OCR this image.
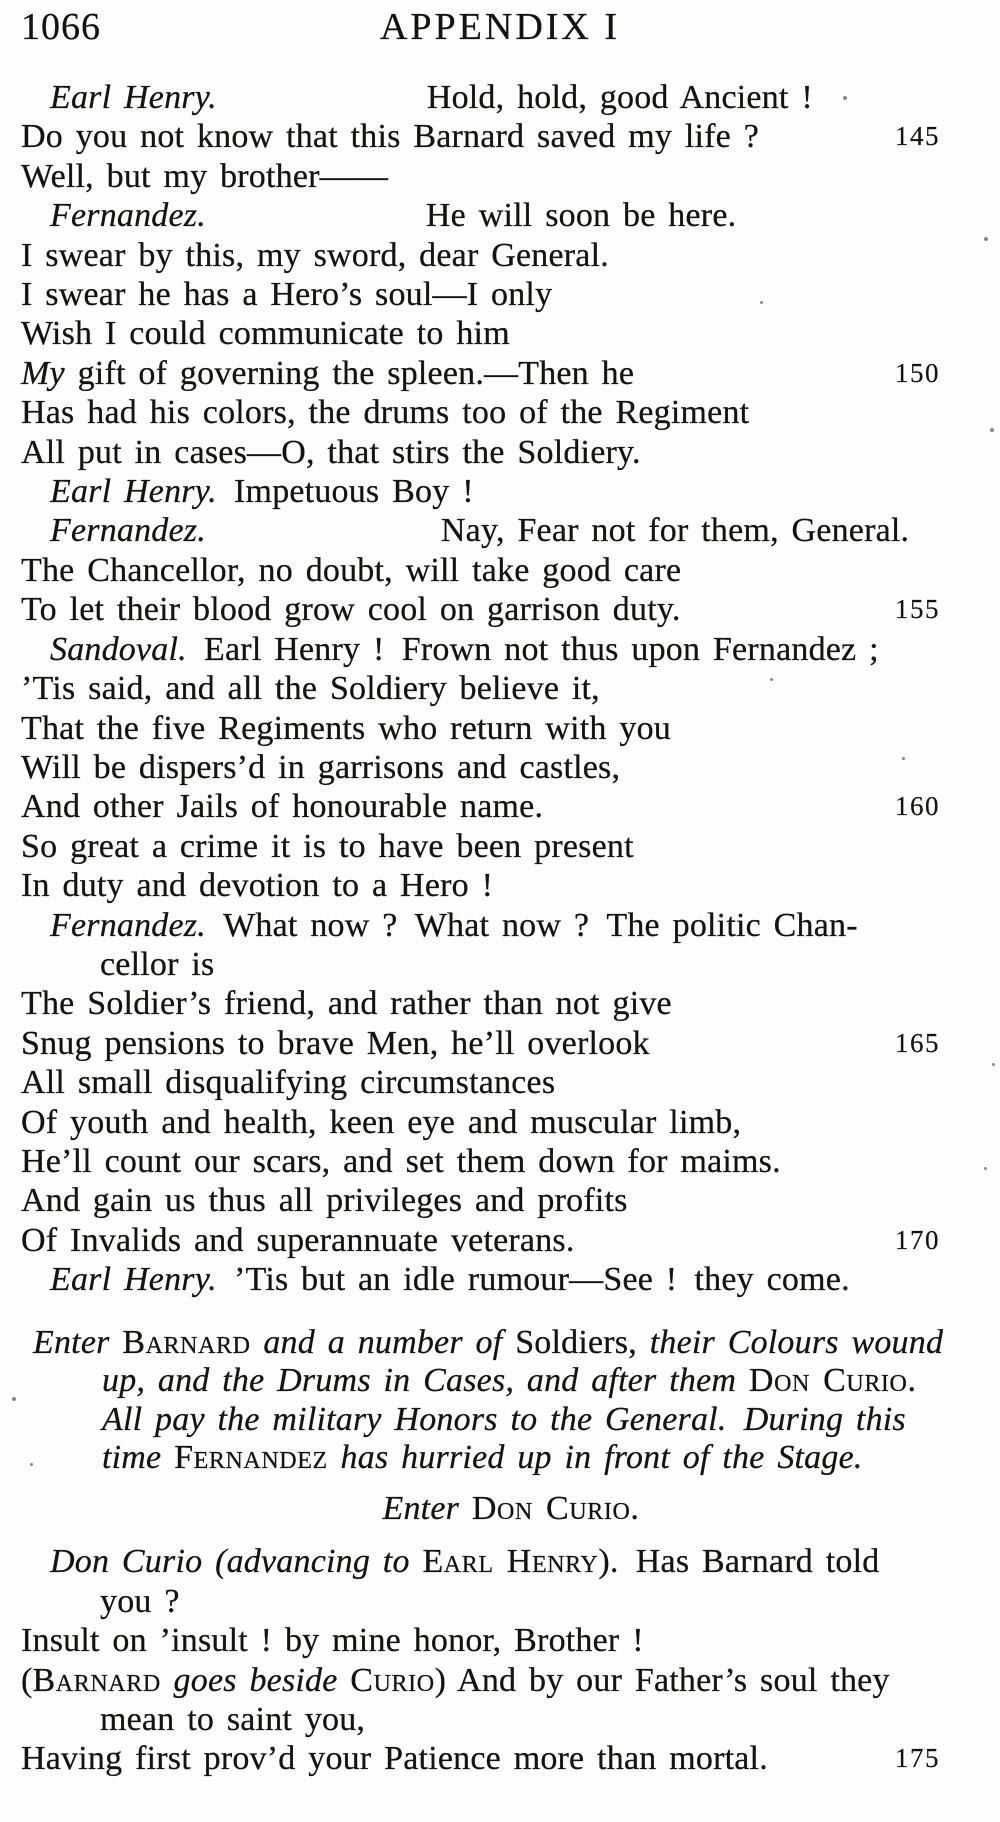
1066	APPENDIX I
Earl Henry.	Hold, hold, good Ancient !
Do you not know that this Barnard saved my life ?	145
Well, but my brother——
Fernandez.	He will soon be here.
I swear by this, my sword, dear General.
I swear he has a Hero’s soul—I only
Wish I could communicate to him
My gift of governing the spleen.—Then he	150
Has had his colors, the drums too of the Regiment
All put in cases—O, that stirs the Soldiery.
Earl Henry. Impetuous Boy !
Fernandez.	Nay, Fear not for them, General.
The Chancellor, no doubt, will take good care
To let their blood grow cool on garrison duty.	155
Sandoval. Earl Henry ! Frown not thus upon Fernandez ;
’Tis said, and all the Soldiery believe it,
That the five Regiments who return with you
Will be dispers’d in garrisons and castles,
And other Jails of honourable name.	160
So great a crime it is to have been present
In duty and devotion to a Hero !
Fernandez. What now ? What now ? The politic Chan-
cellor is
The Soldier’s friend, and rather than not give
Snug pensions to brave Men, he’ll overlook	165
All small disqualifying circumstances
Of youth and health, keen eye and muscular limb,
He’ll count our scars, and set them down for maims.
And gain us thus all privileges and profits
Of Invalids and superannuate veterans.	170
Earl Henry. ’Tis but an idle rumour—See ! they come.
Enter Barnard and a number of Soldiers, their Colours wound
up, and the Drums in Cases, and after them Don Curio.
All pay the military Honors to the General. During this
time Fernandez has hurried up in front of the Stage.
Enter Don Curio.
Don Curio (advancing to Earl Henry). Has Barnard told
you ?
Insult on ’insult ! by mine honor, Brother !
(Barnard goes beside Curio) And by our Father’s soul they
mean to saint you,
Having first prov’d your Patience more than mortal.	175
